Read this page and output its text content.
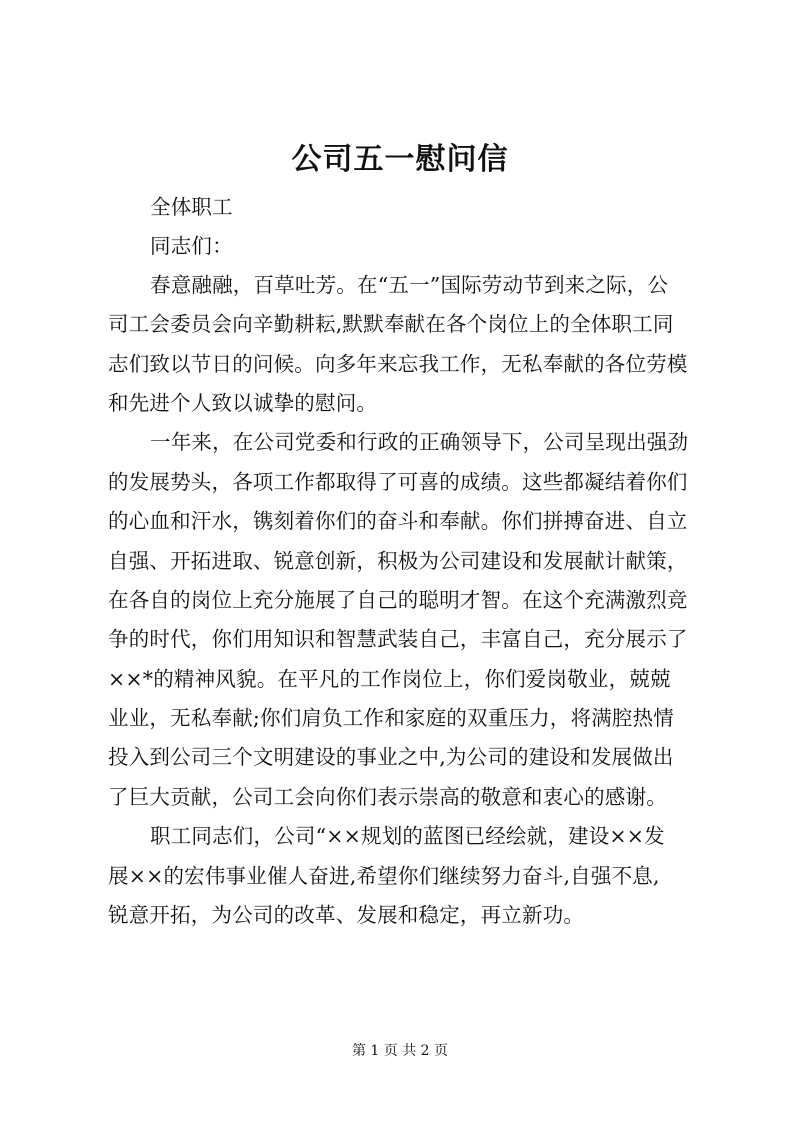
公司五一慰问信
全体职工
同志们：
春意融融，百草吐芳。在“五一”国际劳动节到来之际，公
司工会委员会向辛勤耕耘,默默奉献在各个岗位上的全体职工同
志们致以节日的问候。向多年来忘我工作，无私奉献的各位劳模
和先进个人致以诚挚的慰问。
一年来，在公司党委和行政的正确领导下，公司呈现出强劲
的发展势头，各项工作都取得了可喜的成绩。这些都凝结着你们
的心血和汗水，镌刻着你们的奋斗和奉献。你们拼搏奋进、自立
自强、开拓进取、锐意创新，积极为公司建设和发展献计献策，
在各自的岗位上充分施展了自己的聪明才智。在这个充满激烈竞
争的时代，你们用知识和智慧武装自己，丰富自己，充分展示了
××*的精神风貌。在平凡的工作岗位上，你们爱岗敬业，兢兢
业业，无私奉献;你们肩负工作和家庭的双重压力，将满腔热情
投入到公司三个文明建设的事业之中,为公司的建设和发展做出
了巨大贡献，公司工会向你们表示崇高的敬意和衷心的感谢。
职工同志们，公司“××规划的蓝图已经绘就，建设××发
展××的宏伟事业催人奋进,希望你们继续努力奋斗,自强不息,
锐意开拓，为公司的改革、发展和稳定，再立新功。
第 1 页 共 2 页
